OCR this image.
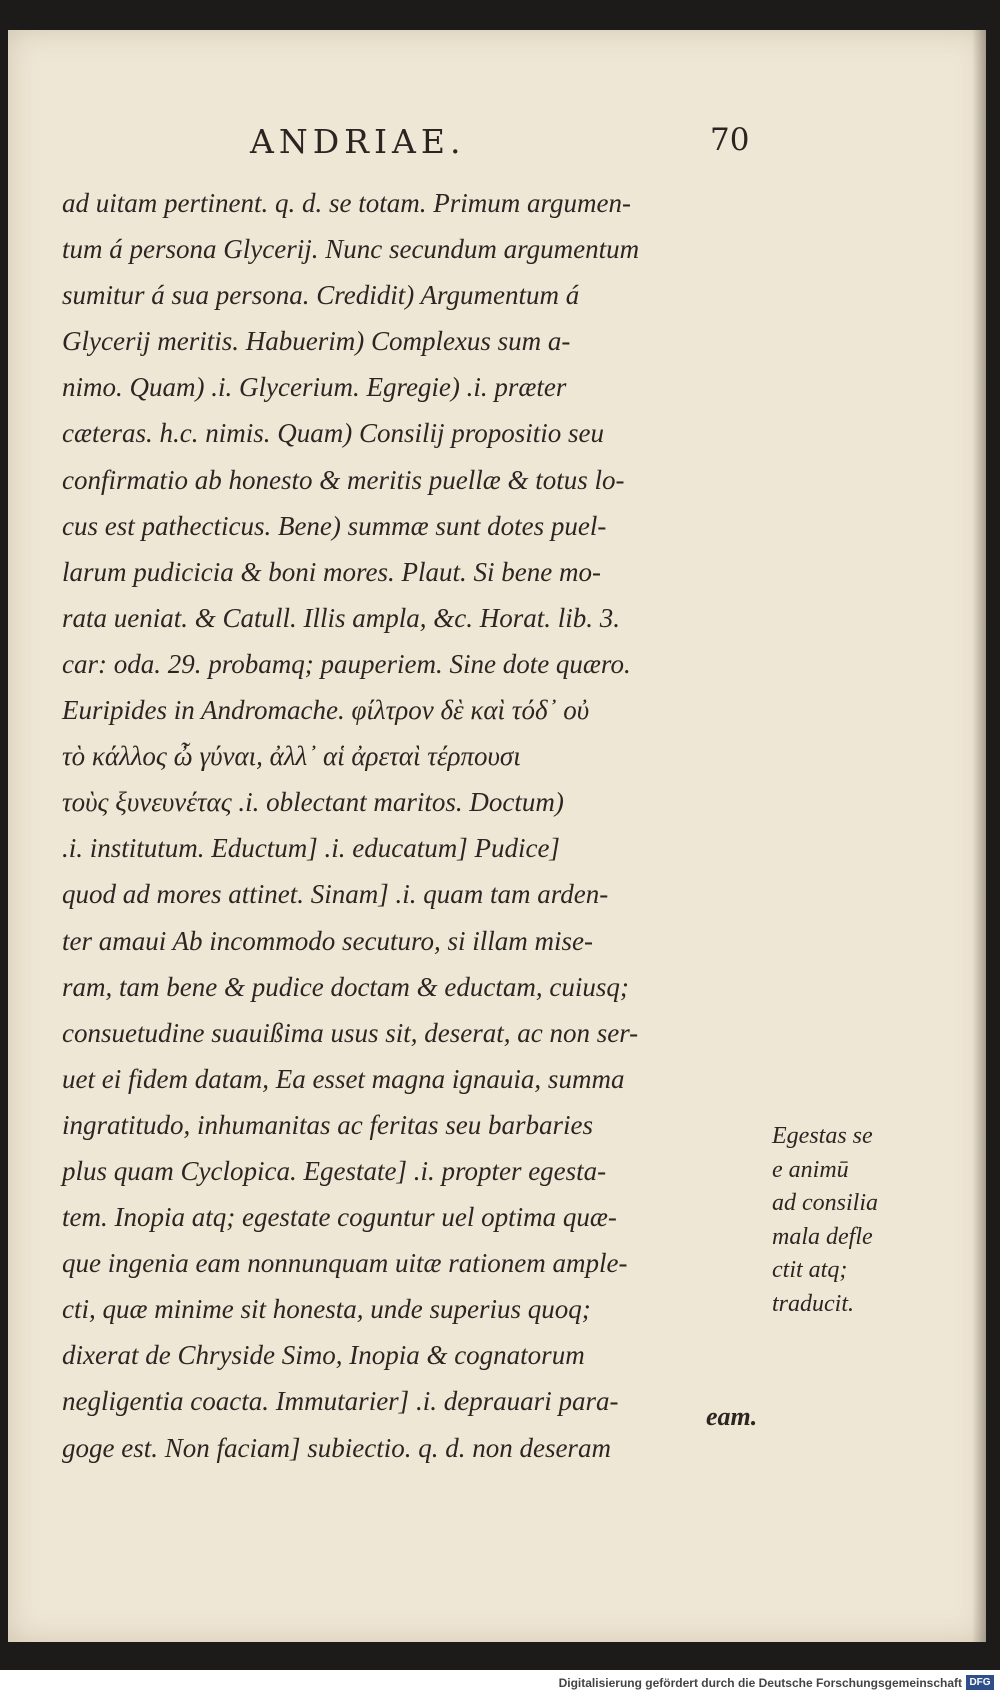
ANDRIAE.	70
ad uitam pertinent. q. d. se totam. Primum argumen-
tum á persona Glycerij. Nunc secundum argumentum
sumitur á sua persona. Credidit) Argumentum á
Glycerij meritis. Habuerim) Complexus sum a-
nimo. Quam) .i. Glycerium. Egregie) .i. præter
cæteras. h.c. nimis. Quam) Consilij propositio seu
confirmatio ab honesto & meritis puellæ & totus lo-
cus est pathecticus. Bene) summæ sunt dotes puel-
larum pudicicia & boni mores. Plaut. Si bene mo-
rata ueniat. & Catull. Illis ampla, &c. Horat. lib. 3.
car: oda. 29. probamq; pauperiem. Sine dote quæro.
Euripides in Andromache. φίλτρον δὲ καὶ τόδ᾽ οὐ
τὸ κάλλος ὦ γύναι, ἀλλ᾽ αἱ ἀρεταὶ τέρπουσι
τοὺς ξυνευνέτας .i. oblectant maritos. Doctum)
.i. institutum. Eductum] .i. educatum] Pudice]
quod ad mores attinet. Sinam] .i. quam tam arden-
ter amaui Ab incommodo secuturo, si illam mise-
ram, tam bene & pudice doctam & eductam, cuiusq;
consuetudine suauißima usus sit, deserat, ac non ser-
uet ei fidem datam, Ea esset magna ignauia, summa
ingratitudo, inhumanitas ac feritas seu barbaries
plus quam Cyclopica. Egestate] .i. propter egesta-
tem. Inopia atq; egestate coguntur uel optima quæ-
que ingenia eam nonnunquam uitæ rationem ample-
cti, quæ minime sit honesta, unde superius quoq;
dixerat de Chryside Simo, Inopia & cognatorum
negligentia coacta. Immutarier] .i. deprauari para-
goge est. Non faciam] subiectio. q. d. non deseram
Egestas se
e animū
ad consilia
mala defle
ctit atq;
traducit.
eam.
Digitalisierung gefördert durch die Deutsche Forschungsgemeinschaft DFG
